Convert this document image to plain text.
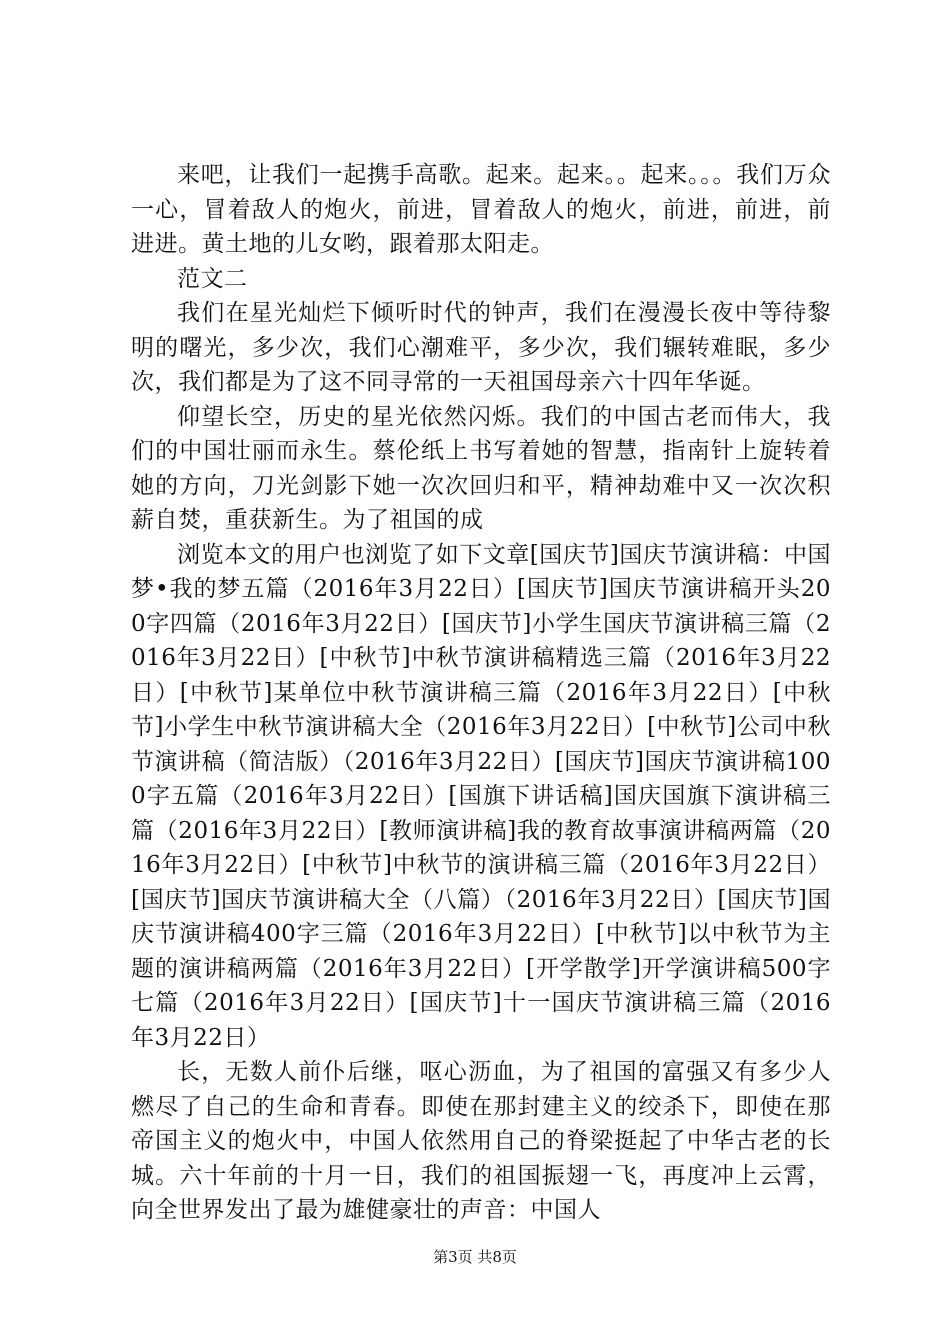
来吧，让我们一起携手高歌。起来。起来。。起来。。。我们万众一心，冒着敌人的炮火，前进，冒着敌人的炮火，前进，前进，前进进。黄土地的儿女哟，跟着那太阳走。

范文二

我们在星光灿烂下倾听时代的钟声，我们在漫漫长夜中等待黎明的曙光，多少次，我们心潮难平，多少次，我们辗转难眠，多少次，我们都是为了这不同寻常的一天祖国母亲六十四年华诞。

仰望长空，历史的星光依然闪烁。我们的中国古老而伟大，我们的中国壮丽而永生。蔡伦纸上书写着她的智慧，指南针上旋转着她的方向，刀光剑影下她一次次回归和平，精神劫难中又一次次积薪自焚，重获新生。为了祖国的成

浏览本文的用户也浏览了如下文章[国庆节]国庆节演讲稿：中国梦•我的梦五篇（2016年3月22日）[国庆节]国庆节演讲稿开头200字四篇（2016年3月22日）[国庆节]小学生国庆节演讲稿三篇（2016年3月22日）[中秋节]中秋节演讲稿精选三篇（2016年3月22日）[中秋节]某单位中秋节演讲稿三篇（2016年3月22日）[中秋节]小学生中秋节演讲稿大全（2016年3月22日）[中秋节]公司中秋节演讲稿（简洁版）（2016年3月22日）[国庆节]国庆节演讲稿1000字五篇（2016年3月22日）[国旗下讲话稿]国庆国旗下演讲稿三篇（2016年3月22日）[教师演讲稿]我的教育故事演讲稿两篇（2016年3月22日）[中秋节]中秋节的演讲稿三篇（2016年3月22日）[国庆节]国庆节演讲稿大全（八篇）（2016年3月22日）[国庆节]国庆节演讲稿400字三篇（2016年3月22日）[中秋节]以中秋节为主题的演讲稿两篇（2016年3月22日）[开学散学]开学演讲稿500字七篇（2016年3月22日）[国庆节]十一国庆节演讲稿三篇（2016年3月22日）

长，无数人前仆后继，呕心沥血，为了祖国的富强又有多少人燃尽了自己的生命和青春。即使在那封建主义的绞杀下，即使在那帝国主义的炮火中，中国人依然用自己的脊梁挺起了中华古老的长城。六十年前的十月一日，我们的祖国振翅一飞，再度冲上云霄，向全世界发出了最为雄健豪壮的声音：中国人

第3页 共8页
